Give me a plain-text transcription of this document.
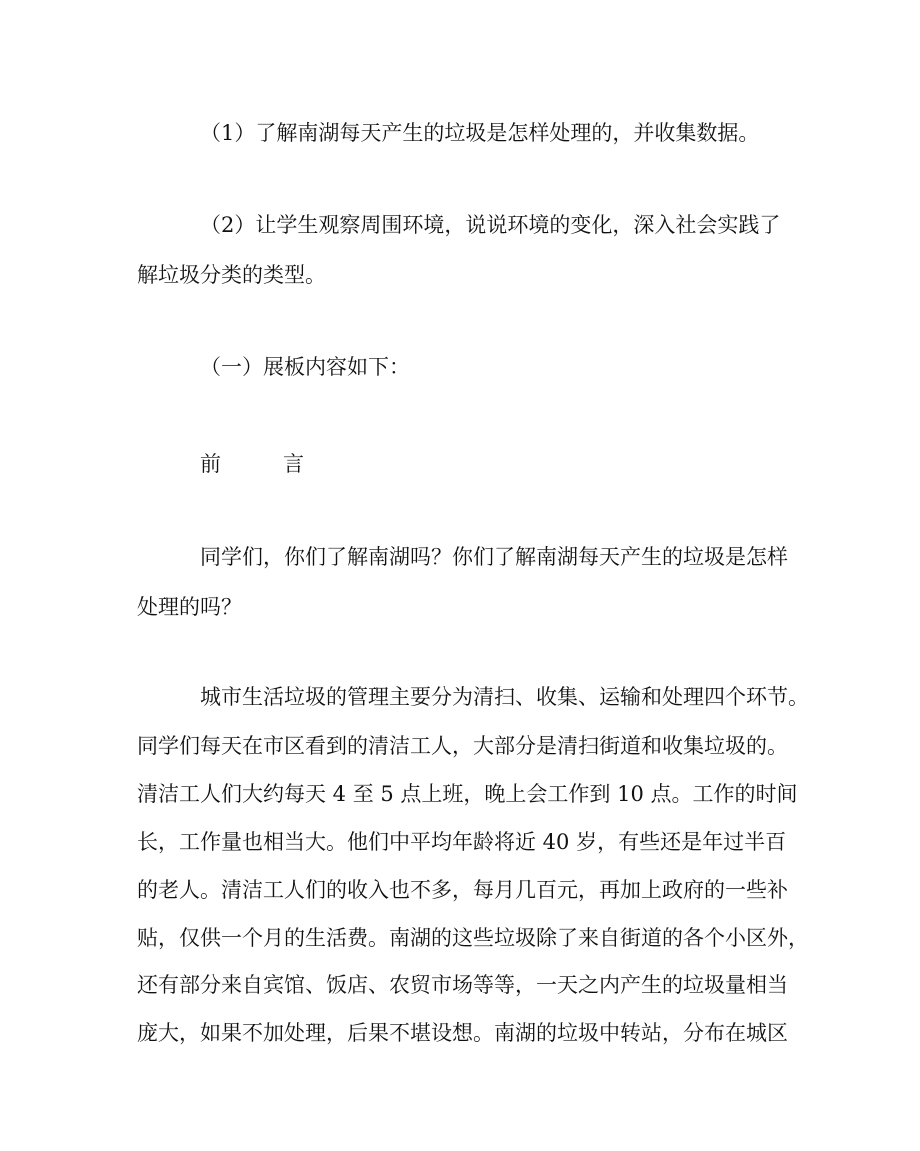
（1）了解南湖每天产生的垃圾是怎样处理的，并收集数据。
（2）让学生观察周围环境，说说环境的变化，深入社会实践了
解垃圾分类的类型。
（一）展板内容如下：
前	言
同学们，你们了解南湖吗？你们了解南湖每天产生的垃圾是怎样
处理的吗？
城市生活垃圾的管理主要分为清扫、收集、运输和处理四个环节。
同学们每天在市区看到的清洁工人，大部分是清扫街道和收集垃圾的。
清洁工人们大约每天 4 至 5 点上班，晚上会工作到 10 点。工作的时间
长，工作量也相当大。他们中平均年龄将近 40 岁，有些还是年过半百
的老人。清洁工人们的收入也不多，每月几百元，再加上政府的一些补
贴，仅供一个月的生活费。南湖的这些垃圾除了来自街道的各个小区外，
还有部分来自宾馆、饭店、农贸市场等等，一天之内产生的垃圾量相当
庞大，如果不加处理，后果不堪设想。南湖的垃圾中转站，分布在城区
